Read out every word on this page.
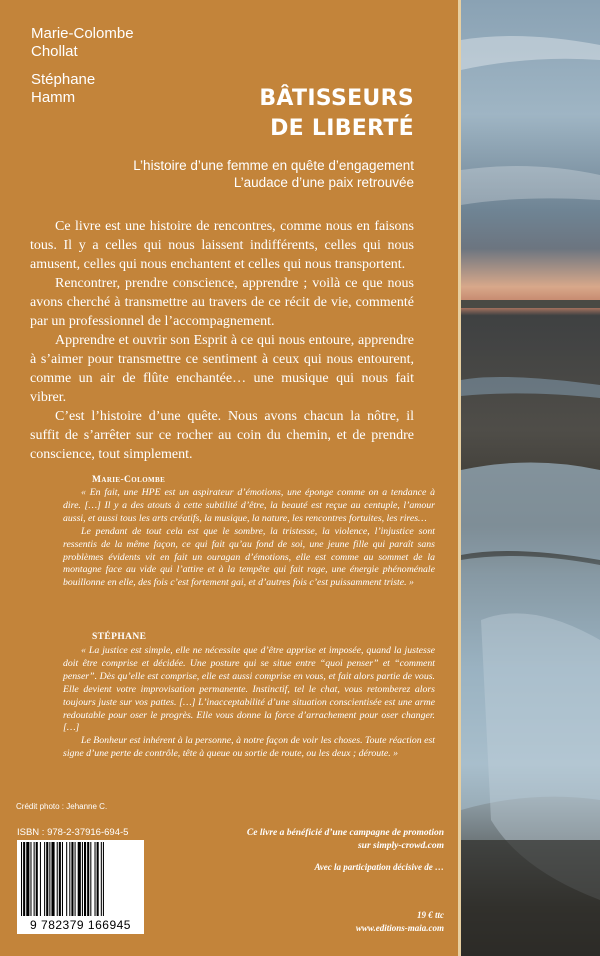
Marie-Colombe
Chollat
Stéphane
Hamm	BÂTISSEURS
DE LIBERTÉ
L’histoire d’une femme en quête d’engagement
L’audace d’une paix retrouvée

Ce livre est une histoire de rencontres, comme nous en faisons tous. Il y a celles qui nous laissent indifférents, celles qui nous amusent, celles qui nous enchantent et celles qui nous transportent.

Rencontrer, prendre conscience, apprendre ; voilà ce que nous avons cherché à transmettre au travers de ce récit de vie, commenté par un professionnel de l’accompagnement.

Apprendre et ouvrir son Esprit à ce qui nous entoure, apprendre à s’aimer pour transmettre ce sentiment à ceux qui nous entourent, comme un air de flûte enchantée… une musique qui nous fait vibrer.

C’est l’histoire d’une quête. Nous avons chacun la nôtre, il suffit de s’arrêter sur ce rocher au coin du chemin, et de prendre conscience, tout simplement.

Marie-Colombe

« En fait, une HPE est un aspirateur d’émotions, une éponge comme on a tendance à dire. […] Il y a des atouts à cette subtilité d’être, la beauté est reçue au centuple, l’amour aussi, et aussi tous les arts créatifs, la musique, la nature, les rencontres fortuites, les rires…

Le pendant de tout cela est que le sombre, la tristesse, la violence, l’injustice sont ressentis de la même façon, ce qui fait qu’au fond de soi, une jeune fille qui paraît sans problèmes évidents vit en fait un ouragan d’émotions, elle est comme au sommet de la montagne face au vide qui l’attire et à la tempête qui fait rage, une énergie phénoménale bouillonne en elle, des fois c’est fortement gai, et d’autres fois c’est puissamment triste. »

STÉPHANE

« La justice est simple, elle ne nécessite que d’être apprise et imposée, quand la justesse doit être comprise et décidée. Une posture qui se situe entre “quoi penser” et “comment penser”. Dès qu’elle est comprise, elle est aussi comprise en vous, et fait alors partie de vous. Elle devient votre improvisation permanente. Instinctif, tel le chat, vous retomberez alors toujours juste sur vos pattes. […] L’inacceptabilité d’une situation conscientisée est une arme redoutable pour oser le progrès. Elle vous donne la force d’arrachement pour oser changer. […]

Le Bonheur est inhérent à la personne, à notre façon de voir les choses. Toute réaction est signe d’une perte de contrôle, tête à queue ou sortie de route, ou les deux ; déroute. »

Crédit photo : Jehanne C.
ISBN : 978-2-37916-694-5
9 782379 166945
Ce livre a bénéficié d’une campagne de promotion
sur simply-crowd.com
Avec la participation décisive de …
19 € ttc
www.editions-maia.com
